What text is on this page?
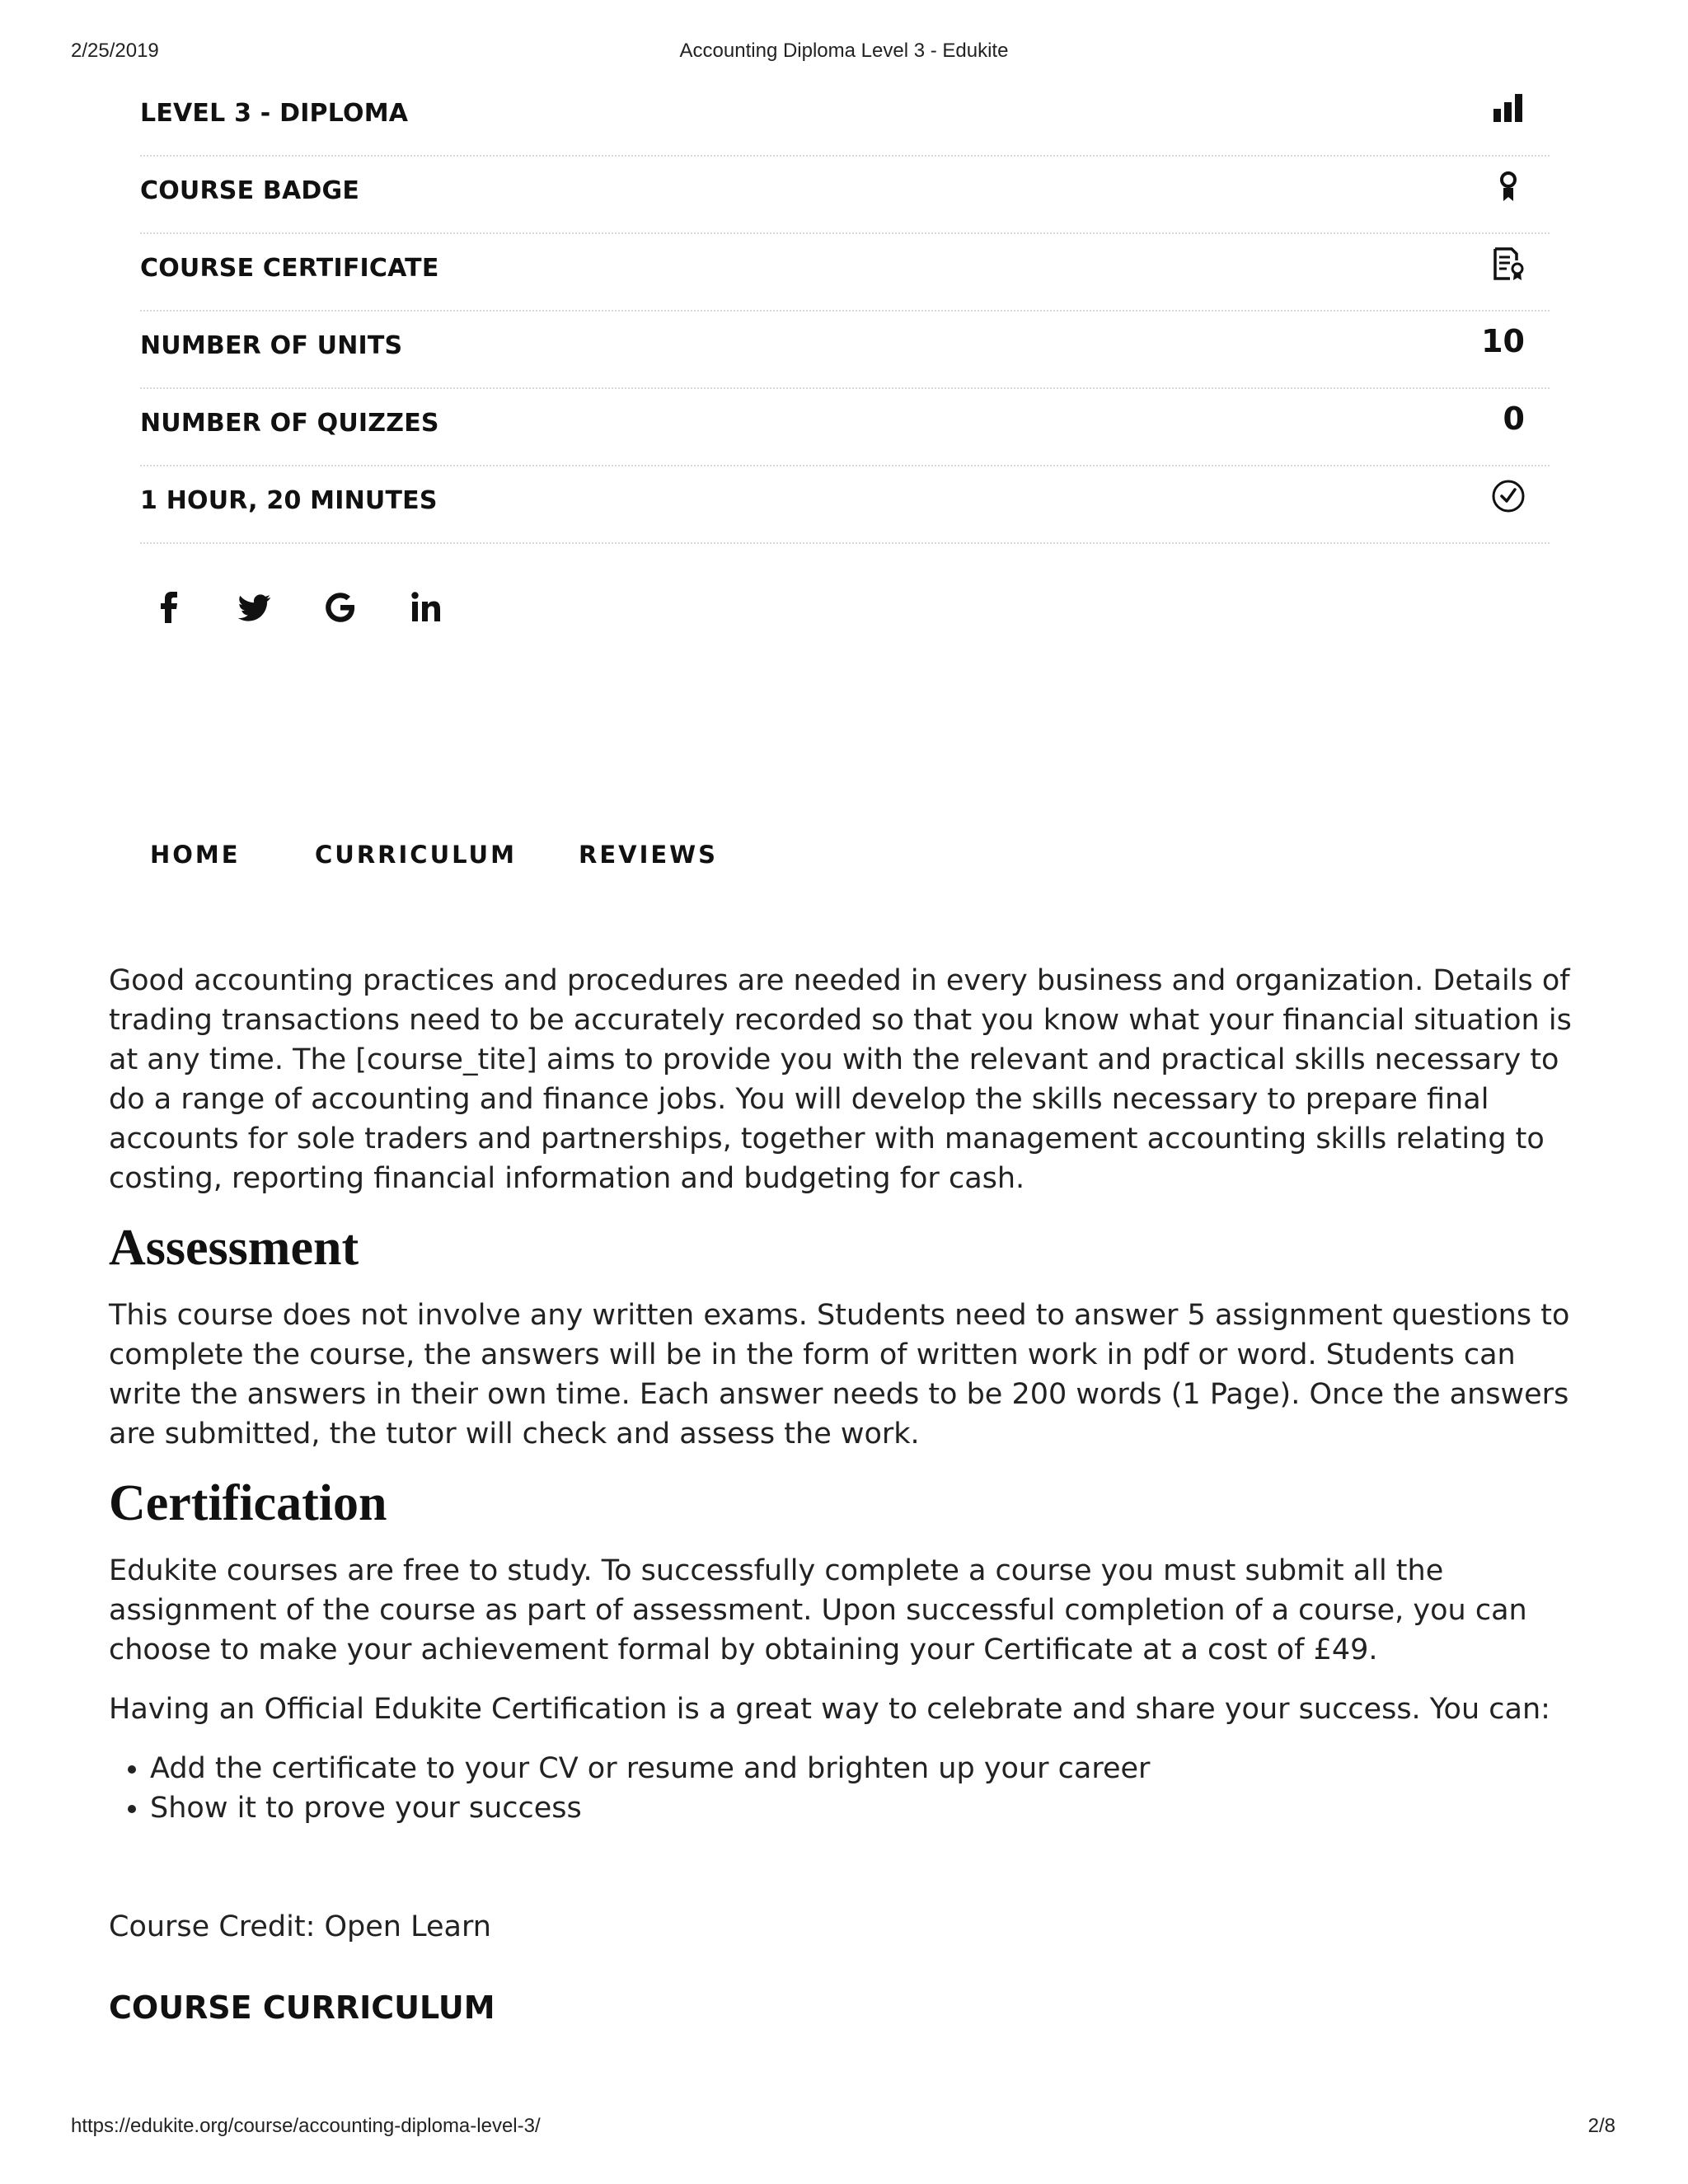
2/25/2019	Accounting Diploma Level 3 - Edukite
LEVEL 3 - DIPLOMA
COURSE BADGE
COURSE CERTIFICATE
NUMBER OF UNITS	10
NUMBER OF QUIZZES	0
1 HOUR, 20 MINUTES
HOME	CURRICULUM	REVIEWS

Good accounting practices and procedures are needed in every business and organization. Details of trading transactions need to be accurately recorded so that you know what your financial situation is at any time. The [course_tite] aims to provide you with the relevant and practical skills necessary to do a range of accounting and finance jobs. You will develop the skills necessary to prepare final accounts for sole traders and partnerships, together with management accounting skills relating to costing, reporting financial information and budgeting for cash.

Assessment

This course does not involve any written exams. Students need to answer 5 assignment questions to complete the course, the answers will be in the form of written work in pdf or word. Students can write the answers in their own time. Each answer needs to be 200 words (1 Page). Once the answers are submitted, the tutor will check and assess the work.

Certification

Edukite courses are free to study. To successfully complete a course you must submit all the assignment of the course as part of assessment. Upon successful completion of a course, you can choose to make your achievement formal by obtaining your Certificate at a cost of £49.

Having an Official Edukite Certification is a great way to celebrate and share your success. You can:

• Add the certificate to your CV or resume and brighten up your career
• Show it to prove your success

Course Credit: Open Learn

COURSE CURRICULUM
https://edukite.org/course/accounting-diploma-level-3/	2/8
